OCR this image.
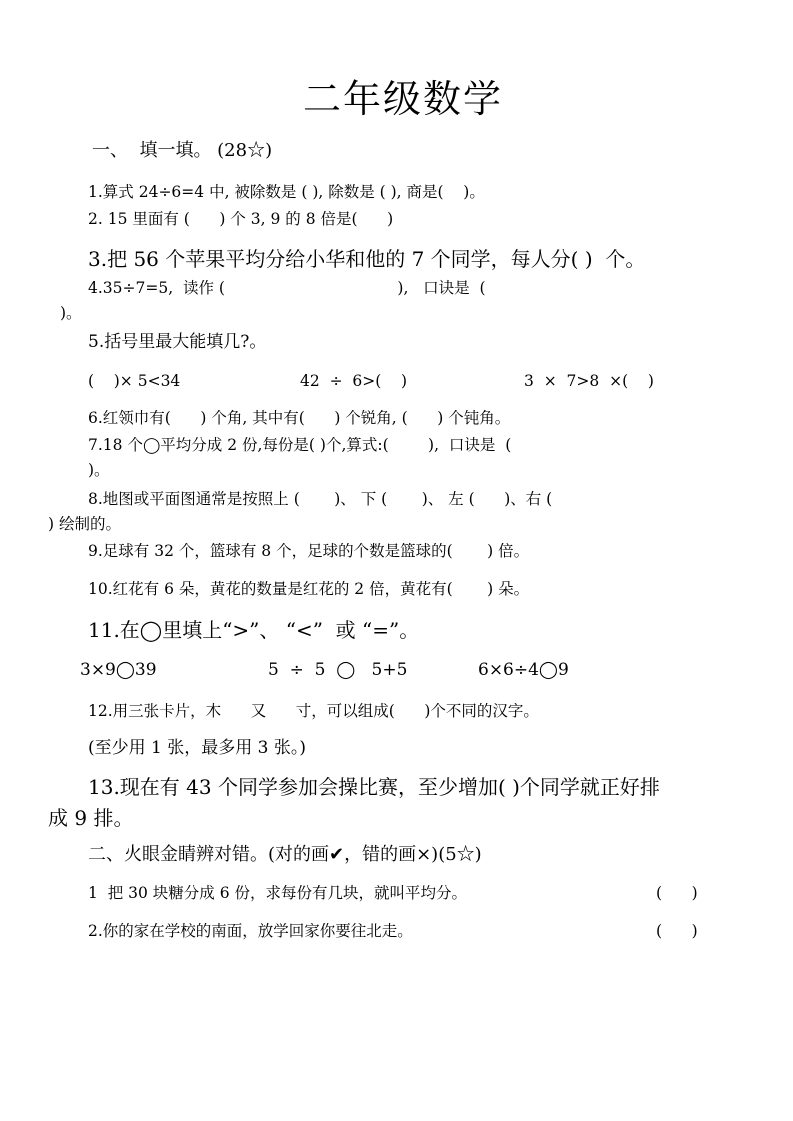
二年级数学
一、  填一填。 (28☆)
1.算式 24÷6=4 中, 被除数是 ( ), 除数是 ( ), 商是(    )。
2. 15 里面有 (      ) 个 3, 9 的 8 倍是(      )
3.把 56 个苹果平均分给小华和他的 7 个同学，每人分( )  个。
4.35÷7=5,  读作 (                                   ),   口诀是  (
)。
5.括号里最大能填几?。
(    )× 5<34	42  ÷  6>(    )	3  ×  7>8  ×(    )
6.红领巾有(      ) 个角, 其中有(      ) 个锐角, (      ) 个钝角。
7.18 个◯平均分成 2 份,每份是( )个,算式:(        ),  口诀是  (
)。
8.地图或平面图通常是按照上 (       )、 下 (       )、 左 (      )、右 (
) 绘制的。
9.足球有 32 个，篮球有 8 个，足球的个数是篮球的(       ) 倍。
10.红花有 6 朵，黄花的数量是红花的 2 倍，黄花有(       ) 朵。
11.在◯里填上“>”、 “<”  或 “=”。
3×9◯39	5  ÷  5  ◯   5+5	6×6÷4◯9
12.用三张卡片，木      又      寸，可以组成(      )个不同的汉字。
(至少用 1 张，最多用 3 张。)
13.现在有 43 个同学参加会操比赛，至少增加( )个同学就正好排
成 9 排。
二、火眼金睛辨对错。(对的画✔，错的画×)(5☆)
1  把 30 块糖分成 6 份，求每份有几块，就叫平均分。	(      )
2.你的家在学校的南面，放学回家你要往北走。	(      )
